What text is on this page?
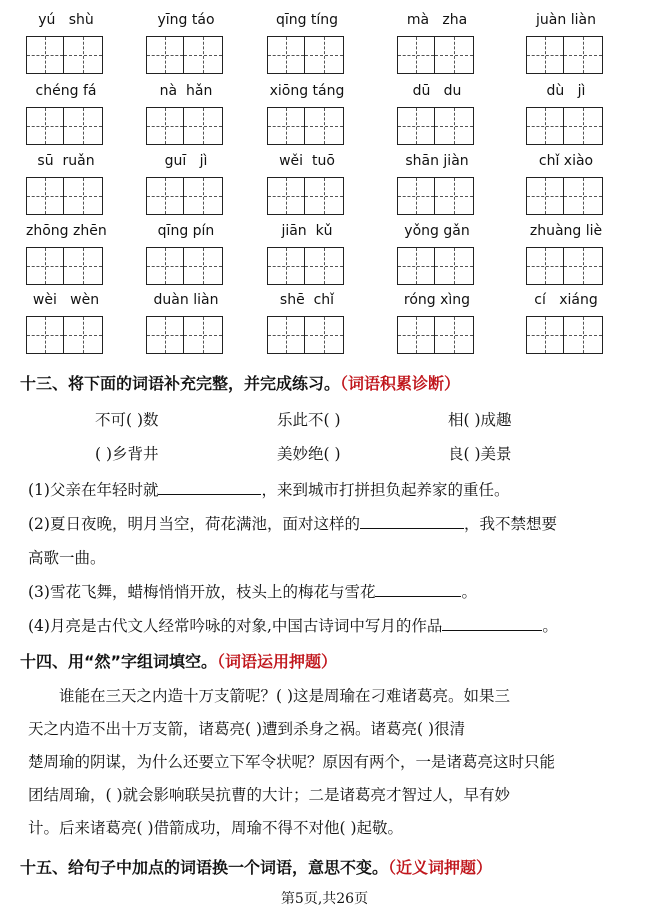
yú   shù	yīng táo	qīng tíng	mà   zha	juàn liàn
chéng fá	nà  hǎn	xiōng táng	dū   du	dù   jì
sū  ruǎn	guī   jì	wěi  tuō	shān jiàn	chǐ xiào
zhōng zhēn	qīng pín	jiān  kǔ	yǒng gǎn	zhuàng liè
wèi   wèn	duàn liàn	shē  chǐ	róng xìng	cí   xiáng
十三、将下面的词语补充完整，并完成练习。（词语积累诊断）
不可( )数	乐此不( )	相( )成趣
( )乡背井	美妙绝( )	良( )美景
(1)父亲在年轻时就	，来到城市打拼担负起养家的重任。
(2)夏日夜晚，明月当空，荷花满池，面对这样的	，我不禁想要
高歌一曲。
(3)雪花飞舞，蜡梅悄悄开放，枝头上的梅花与雪花	。
(4)月亮是古代文人经常吟咏的对象,中国古诗词中写月的作品	。
十四、用“然”字组词填空。（词语运用押题）
谁能在三天之内造十万支箭呢？( )这是周瑜在刁难诸葛亮。如果三
天之内造不出十万支箭，诸葛亮( )遭到杀身之祸。诸葛亮( )很清
楚周瑜的阴谋，为什么还要立下军令状呢？原因有两个，一是诸葛亮这时只能
团结周瑜，( )就会影响联吴抗曹的大计；二是诸葛亮才智过人，早有妙
计。后来诸葛亮( )借箭成功，周瑜不得不对他( )起敬。
十五、给句子中加点的词语换一个词语，意思不变。（近义词押题）
第5页,共26页
